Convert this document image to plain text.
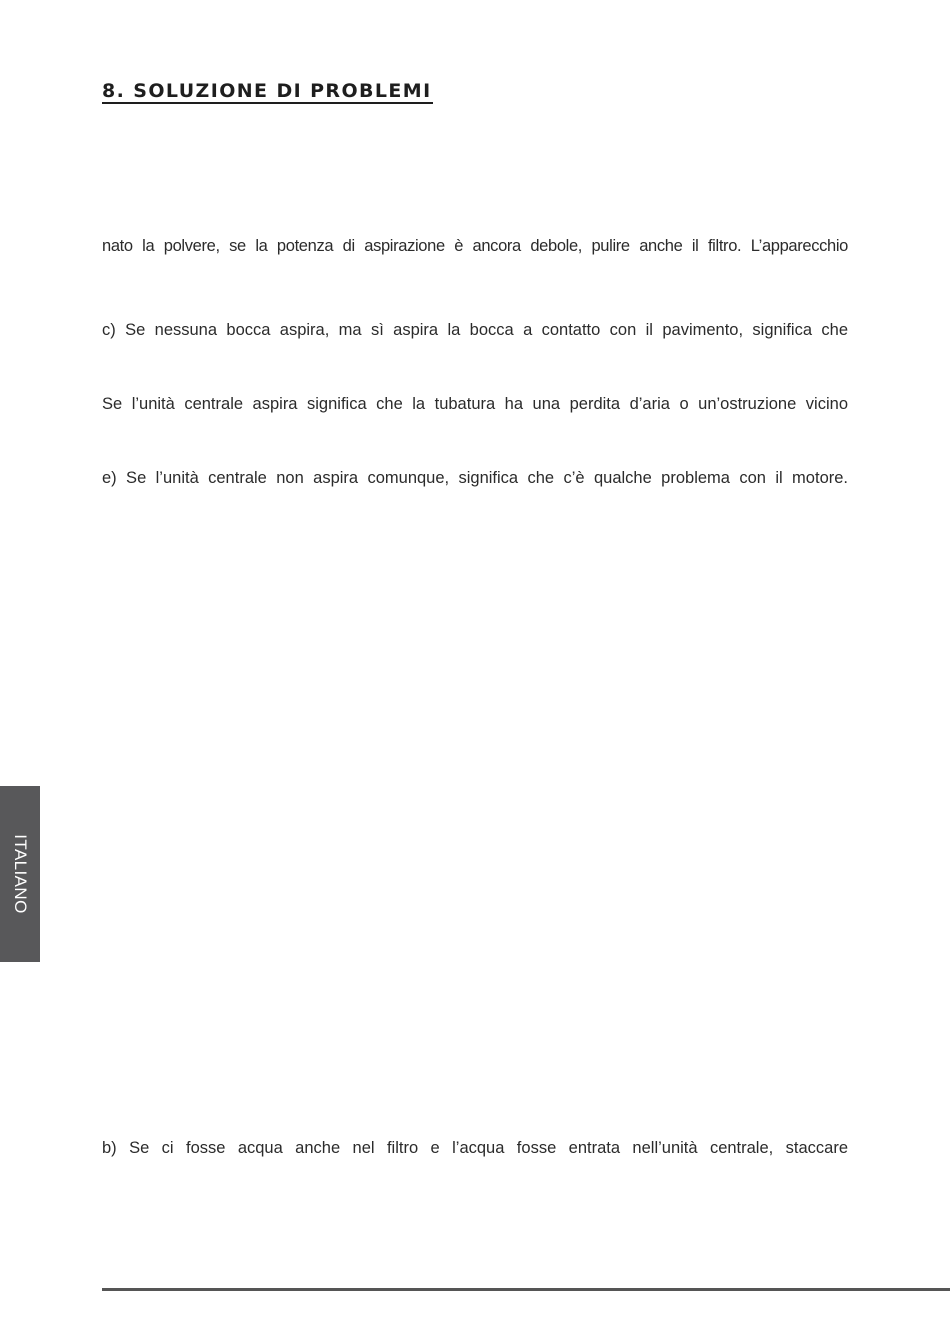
8. SOLUZIONE DI PROBLEMI

nato la polvere, se la potenza di aspirazione è ancora debole, pulire anche il filtro. L’apparecchio

c) Se nessuna bocca aspira, ma sì aspira la bocca a contatto con il pavimento, significa che

Se l’unità centrale aspira significa che la tubatura ha una perdita d’aria o un’ostruzione vicino

e) Se l’unità centrale non aspira comunque, significa che c’è qualche problema con il motore.

b) Se ci fosse acqua anche nel filtro e l’acqua fosse entrata nell’unità centrale, staccare

ITALIANO
